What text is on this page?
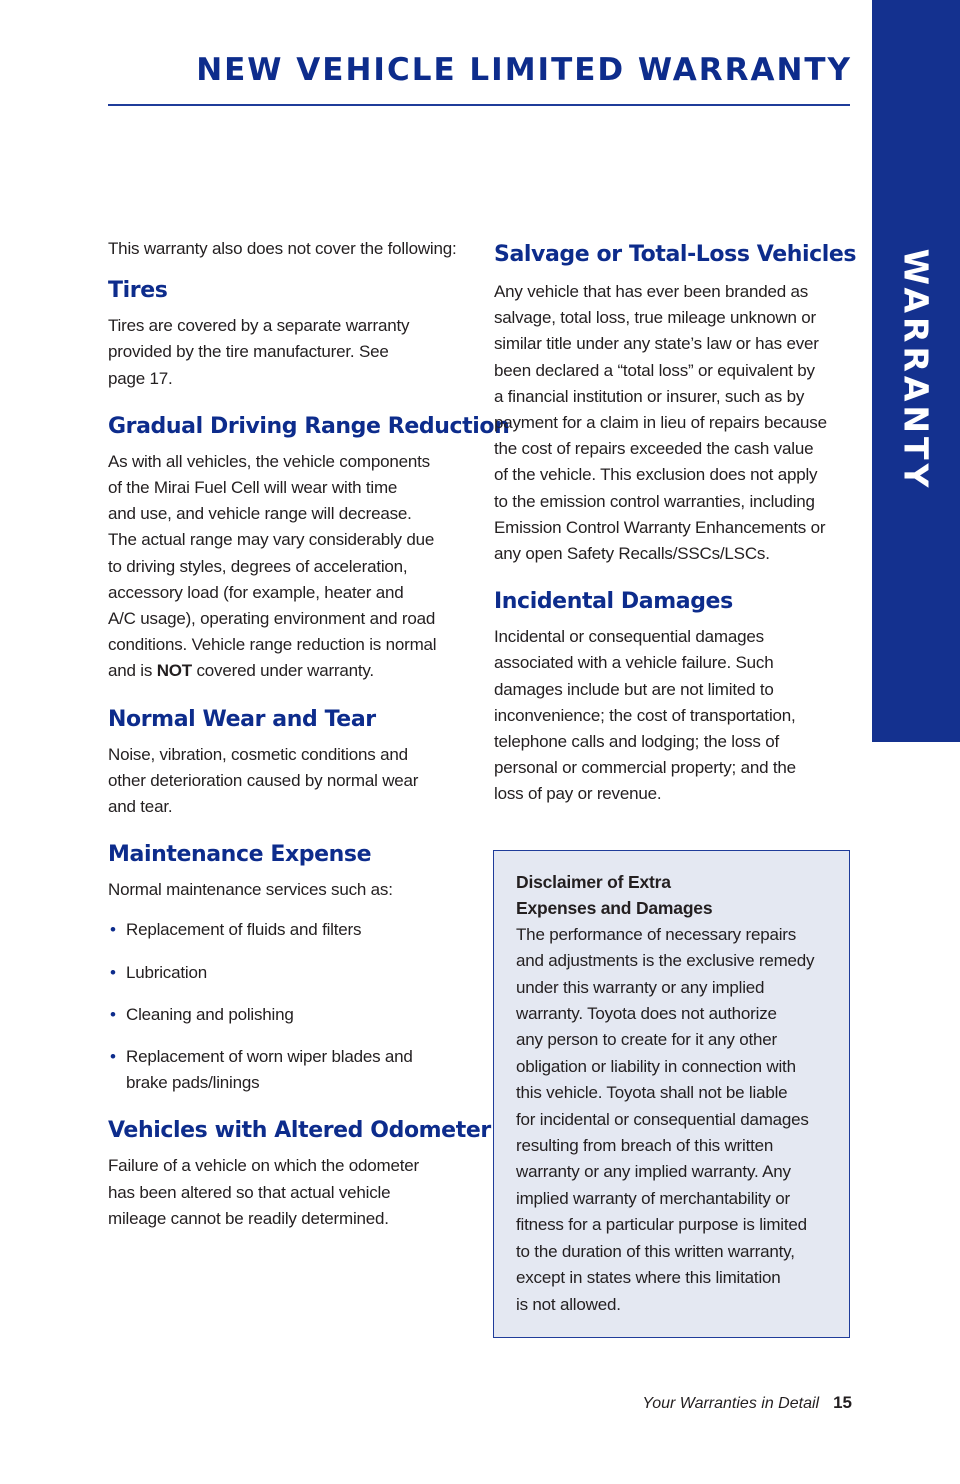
NEW VEHICLE LIMITED WARRANTY
WARRANTY

This warranty also does not cover the following:

Tires

Tires are covered by a separate warranty
provided by the tire manufacturer. See
page 17.

Gradual Driving Range Reduction

As with all vehicles, the vehicle components
of the Mirai Fuel Cell will wear with time
and use, and vehicle range will decrease.
The actual range may vary considerably due
to driving styles, degrees of acceleration,
accessory load (for example, heater and
A/C usage), operating environment and road
conditions. Vehicle range reduction is normal
and is NOT covered under warranty.

Normal Wear and Tear

Noise, vibration, cosmetic conditions and
other deterioration caused by normal wear
and tear.

Maintenance Expense

Normal maintenance services such as:

• Replacement of fluids and filters
• Lubrication
• Cleaning and polishing
• Replacement of worn wiper blades and
brake pads/linings
Vehicles with Altered Odometer

Failure of a vehicle on which the odometer
has been altered so that actual vehicle
mileage cannot be readily determined.

Salvage or Total-Loss Vehicles

Any vehicle that has ever been branded as
salvage, total loss, true mileage unknown or
similar title under any state’s law or has ever
been declared a “total loss” or equivalent by
a financial institution or insurer, such as by
payment for a claim in lieu of repairs because
the cost of repairs exceeded the cash value
of the vehicle. This exclusion does not apply
to the emission control warranties, including
Emission Control Warranty Enhancements or
any open Safety Recalls/SSCs/LSCs.

Incidental Damages

Incidental or consequential damages
associated with a vehicle failure. Such
damages include but are not limited to
inconvenience; the cost of transportation,
telephone calls and lodging; the loss of
personal or commercial property; and the
loss of pay or revenue.

Disclaimer of Extra
Expenses and Damages

The performance of necessary repairs
and adjustments is the exclusive remedy
under this warranty or any implied
warranty. Toyota does not authorize
any person to create for it any other
obligation or liability in connection with
this vehicle. Toyota shall not be liable
for incidental or consequential damages
resulting from breach of this written
warranty or any implied warranty. Any
implied warranty of merchantability or
fitness for a particular purpose is limited
to the duration of this written warranty,
except in states where this limitation
is not allowed.

Your Warranties in Detail 15
